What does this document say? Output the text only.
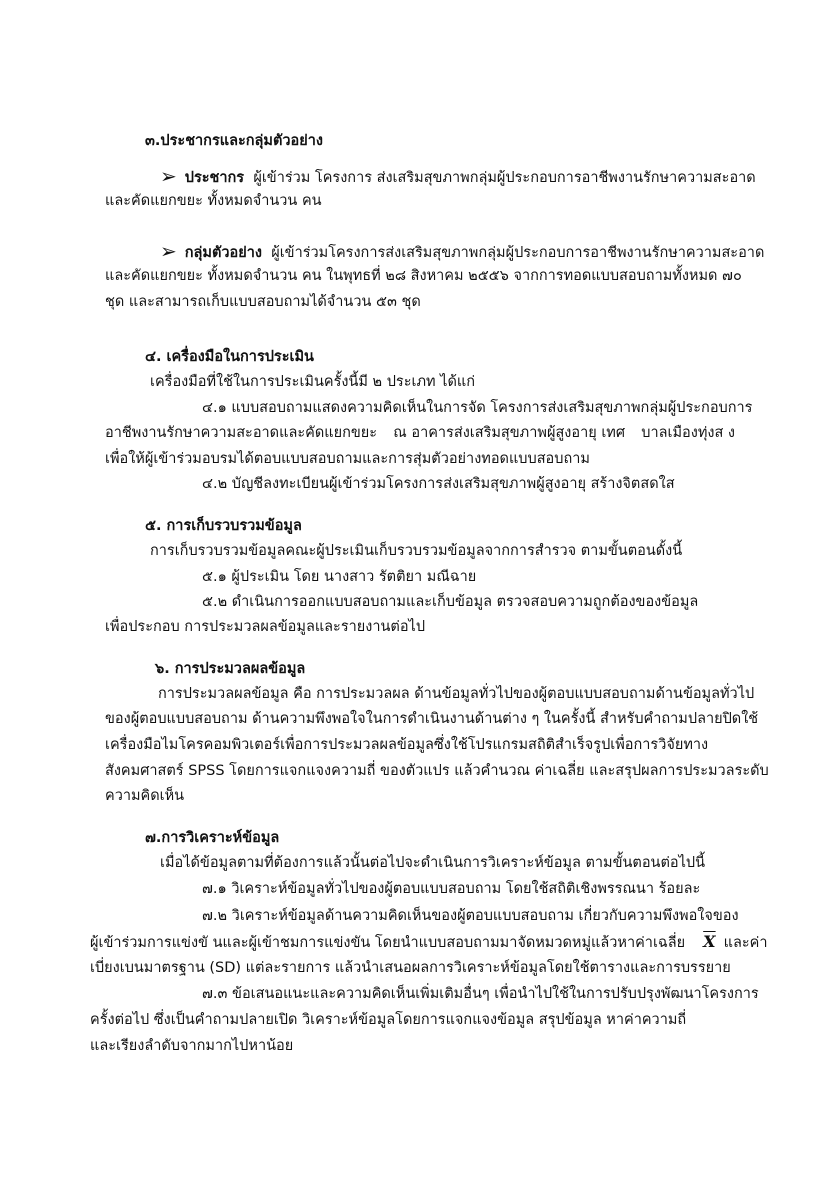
๓.ประชากรและกลุ่มตัวอย่าง
➢ ประชากร ผู้เข้าร่วม โครงการ ส่งเสริมสุขภาพกลุ่มผู้ประกอบการอาชีพงานรักษาความสะอาด
และคัดแยกขยะ ทั้งหมดจำนวน คน
➢ กลุ่มตัวอย่าง ผู้เข้าร่วมโครงการส่งเสริมสุขภาพกลุ่มผู้ประกอบการอาชีพงานรักษาความสะอาด
และคัดแยกขยะ ทั้งหมดจำนวน คน ในพุทธที่ ๒๘ สิงหาคม ๒๕๕๖ จากการทอดแบบสอบถามทั้งหมด ๗๐
ชุด และสามารถเก็บแบบสอบถามได้จำนวน ๕๓ ชุด
๔. เครื่องมือในการประเมิน
เครื่องมือที่ใช้ในการประเมินครั้งนี้มี ๒ ประเภท ได้แก่
๔.๑ แบบสอบถามแสดงความคิดเห็นในการจัด โครงการส่งเสริมสุขภาพกลุ่มผู้ประกอบการ
อาชีพงานรักษาความสะอาดและคัดแยกขยะ ณ อาคารส่งเสริมสุขภาพผู้สูงอายุ เทศ บาลเมืองทุ่งส ง
เพื่อให้ผู้เข้าร่วมอบรมได้ตอบแบบสอบถามและการสุ่มตัวอย่างทอดแบบสอบถาม
๔.๒ บัญชีลงทะเบียนผู้เข้าร่วมโครงการส่งเสริมสุขภาพผู้สูงอายุ สร้างจิตสดใส
๕. การเก็บรวบรวมข้อมูล
การเก็บรวบรวมข้อมูลคณะผู้ประเมินเก็บรวบรวมข้อมูลจากการสำรวจ ตามขั้นตอนดั้งนี้
๕.๑ ผู้ประเมิน โดย นางสาว รัตติยา มณีฉาย
๕.๒ ดำเนินการออกแบบสอบถามและเก็บข้อมูล ตรวจสอบความถูกต้องของข้อมูล
เพื่อประกอบ การประมวลผลข้อมูลและรายงานต่อไป
๖. การประมวลผลข้อมูล
การประมวลผลข้อมูล คือ การประมวลผล ด้านข้อมูลทั่วไปของผู้ตอบแบบสอบถามด้านข้อมูลทั่วไป
ของผู้ตอบแบบสอบถาม ด้านความพึงพอใจในการดำเนินงานด้านต่าง ๆ ในครั้งนี้ สำหรับคำถามปลายปิดใช้
เครื่องมือไมโครคอมพิวเตอร์เพื่อการประมวลผลข้อมูลซึ่งใช้โปรแกรมสถิติสำเร็จรูปเพื่อการวิจัยทาง
สังคมศาสตร์ SPSS โดยการแจกแจงความถี่ ของตัวแปร แล้วคำนวณ ค่าเฉลี่ย และสรุปผลการประมวลระดับ
ความคิดเห็น
๗.การวิเคราะห์ข้อมูล
เมื่อได้ข้อมูลตามที่ต้องการแล้วนั้นต่อไปจะดำเนินการวิเคราะห์ข้อมูล ตามขั้นตอนต่อไปนี้
๗.๑ วิเคราะห์ข้อมูลทั่วไปของผู้ตอบแบบสอบถาม โดยใช้สถิติเชิงพรรณนา ร้อยละ
๗.๒ วิเคราะห์ข้อมูลด้านความคิดเห็นของผู้ตอบแบบสอบถาม เกี่ยวกับความพึงพอใจของ
ผู้เข้าร่วมการแข่งขั นและผู้เข้าชมการแข่งขัน โดยนำแบบสอบถามมาจัดหมวดหมู่แล้วหาค่าเฉลี่ย $\overline{X}$ และค่า
เบี่ยงเบนมาตรฐาน (SD) แต่ละรายการ แล้วนำเสนอผลการวิเคราะห์ข้อมูลโดยใช้ตารางและการบรรยาย
๗.๓ ข้อเสนอแนะและความคิดเห็นเพิ่มเติมอื่นๆ เพื่อนำไปใช้ในการปรับปรุงพัฒนาโครงการ
ครั้งต่อไป ซึ่งเป็นคำถามปลายเปิด วิเคราะห์ข้อมูลโดยการแจกแจงข้อมูล สรุปข้อมูล หาค่าความถี่
และเรียงลำดับจากมากไปหาน้อย
